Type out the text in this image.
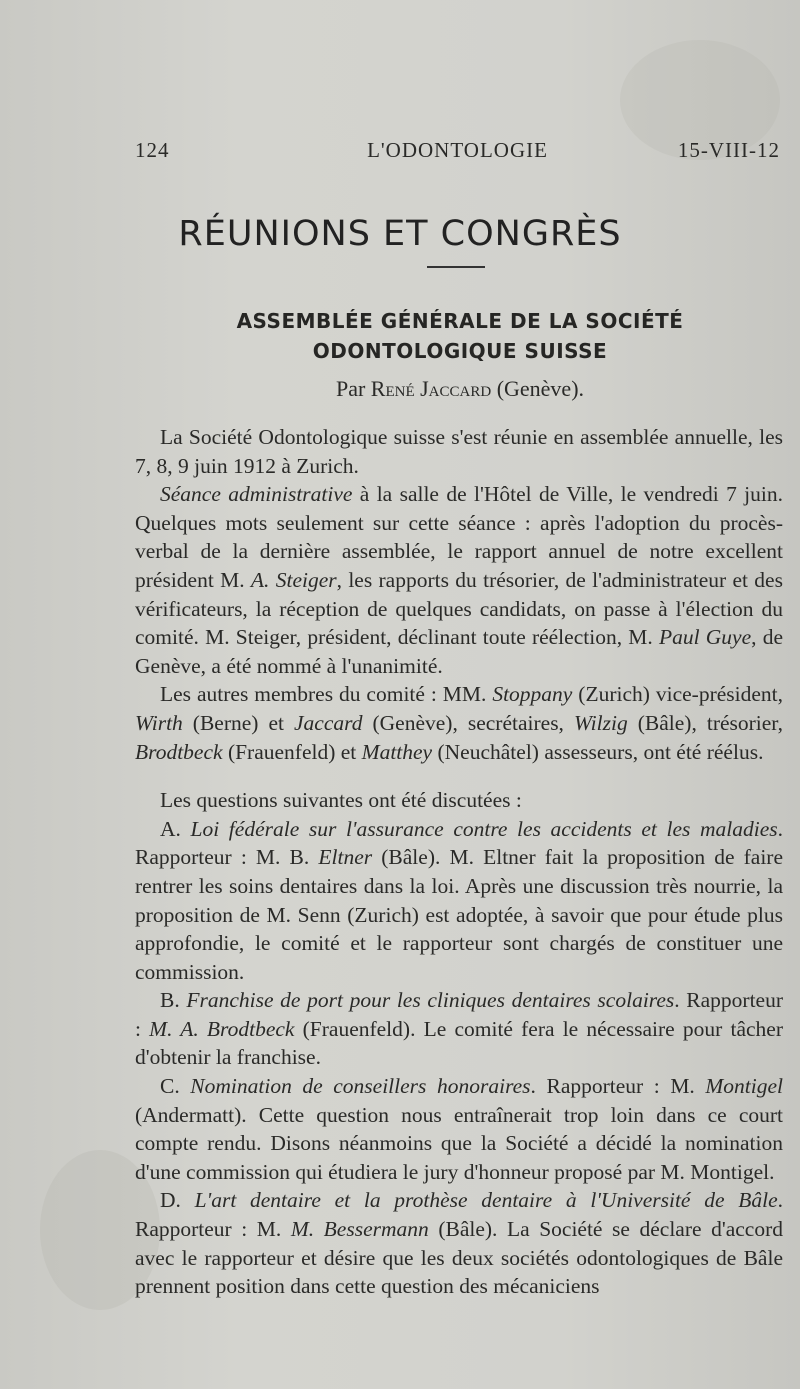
124	L'ODONTOLOGIE	15-VIII-12
RÉUNIONS ET CONGRÈS
ASSEMBLÉE GÉNÉRALE DE LA SOCIÉTÉ
ODONTOLOGIQUE SUISSE
Par René Jaccard (Genève).

La Société Odontologique suisse s'est réunie en assemblée annuelle, les 7, 8, 9 juin 1912 à Zurich.

Séance administrative à la salle de l'Hôtel de Ville, le vendredi 7 juin. Quelques mots seulement sur cette séance : après l'adoption du procès-verbal de la dernière assemblée, le rapport annuel de notre excellent président M. A. Steiger, les rapports du trésorier, de l'administrateur et des vérificateurs, la réception de quelques candidats, on passe à l'élection du comité. M. Steiger, président, déclinant toute réélection, M. Paul Guye, de Genève, a été nommé à l'unanimité.

Les autres membres du comité : MM. Stoppany (Zurich) vice-président, Wirth (Berne) et Jaccard (Genève), secrétaires, Wilzig (Bâle), trésorier, Brodtbeck (Frauenfeld) et Matthey (Neuchâtel) assesseurs, ont été réélus.

Les questions suivantes ont été discutées :

A. Loi fédérale sur l'assurance contre les accidents et les maladies. Rapporteur : M. B. Eltner (Bâle). M. Eltner fait la proposition de faire rentrer les soins dentaires dans la loi. Après une discussion très nourrie, la proposition de M. Senn (Zurich) est adoptée, à savoir que pour étude plus approfondie, le comité et le rapporteur sont chargés de constituer une commission.

B. Franchise de port pour les cliniques dentaires scolaires. Rapporteur : M. A. Brodtbeck (Frauenfeld). Le comité fera le nécessaire pour tâcher d'obtenir la franchise.

C. Nomination de conseillers honoraires. Rapporteur : M. Montigel (Andermatt). Cette question nous entraînerait trop loin dans ce court compte rendu. Disons néanmoins que la Société a décidé la nomination d'une commission qui étudiera le jury d'honneur proposé par M. Montigel.

D. L'art dentaire et la prothèse dentaire à l'Université de Bâle. Rapporteur : M. M. Bessermann (Bâle). La Société se déclare d'accord avec le rapporteur et désire que les deux sociétés odontologiques de Bâle prennent position dans cette question des mécaniciens
